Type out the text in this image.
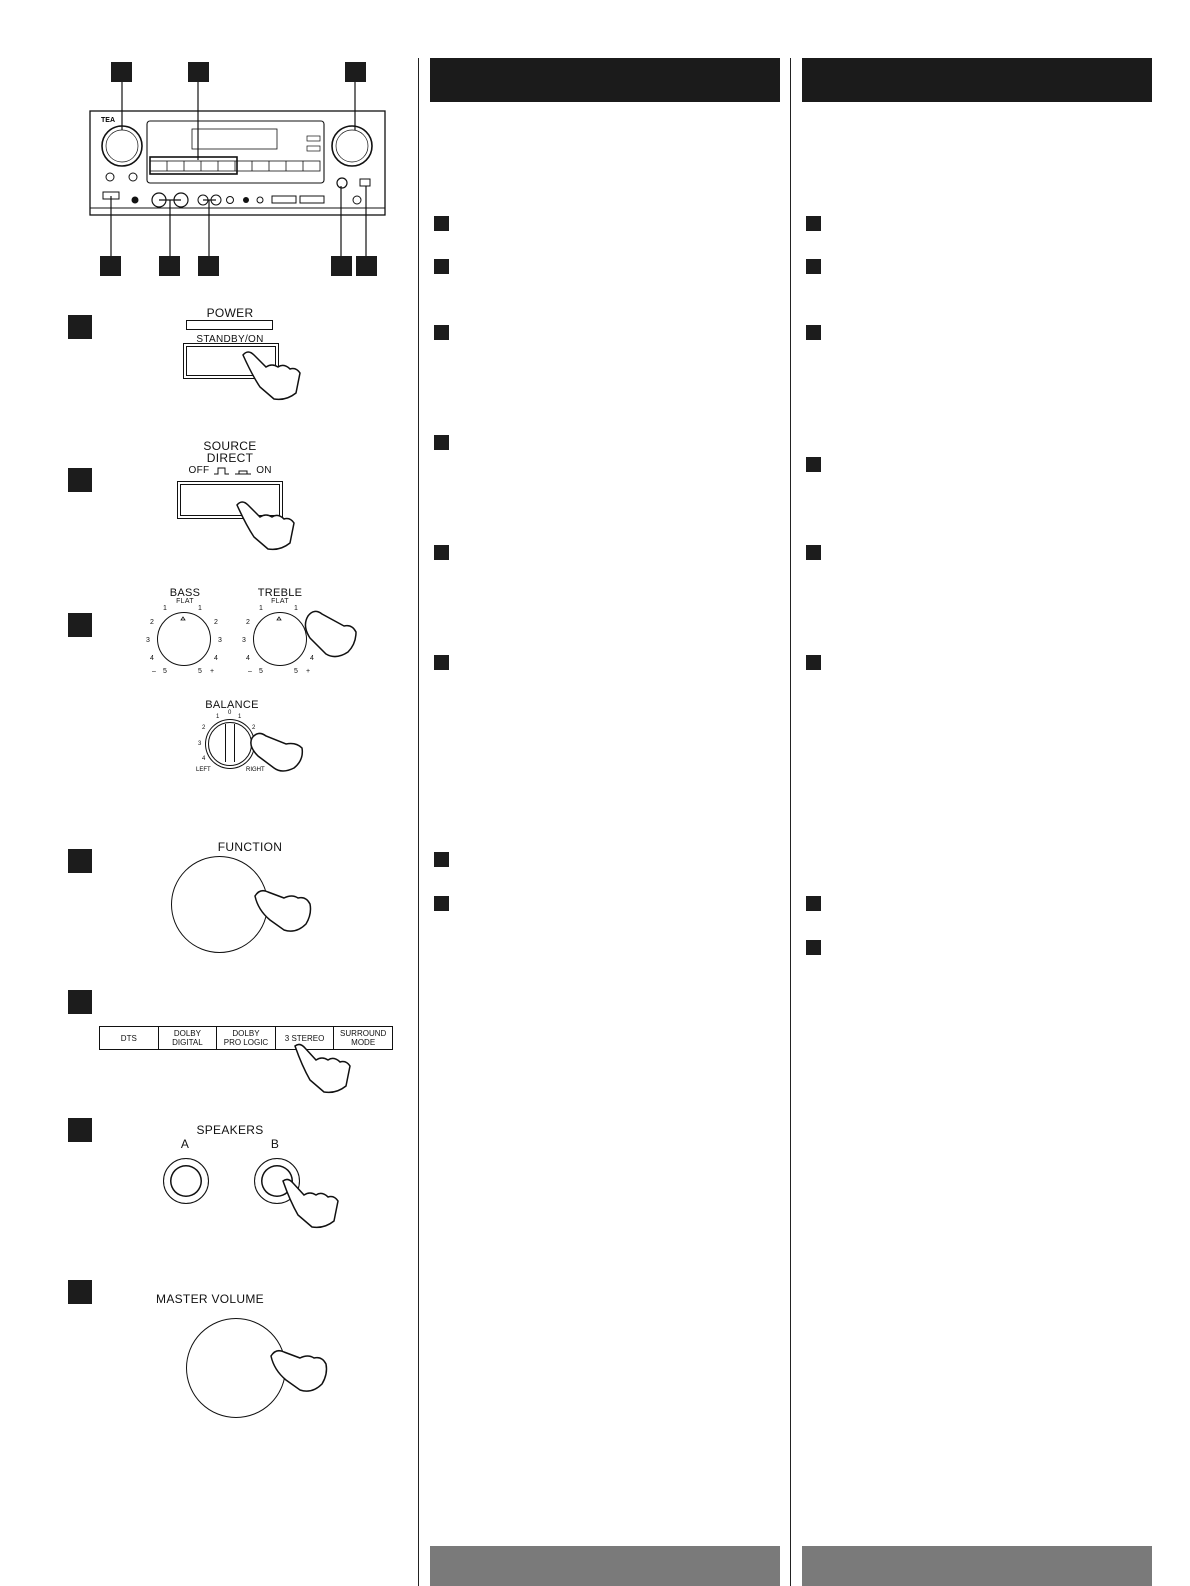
TEA
POWER
STANDBY/ON
SOURCE
DIRECT
OFF	ON
BASS	TREBLE
FLAT	FLAT
1	1
2	2
3	3
4	4
– 5	5 +
1	1
2
3
4	4
– 5	5 +
BALANCE
1	1
2	2
3
4
0
LEFT	RIGHT
FUNCTION
DTS	DOLBY
DIGITAL
DOLBY
PRO LOGIC	3 STEREO	SURROUND
MODE
SPEAKERS
A	B
MASTER VOLUME
